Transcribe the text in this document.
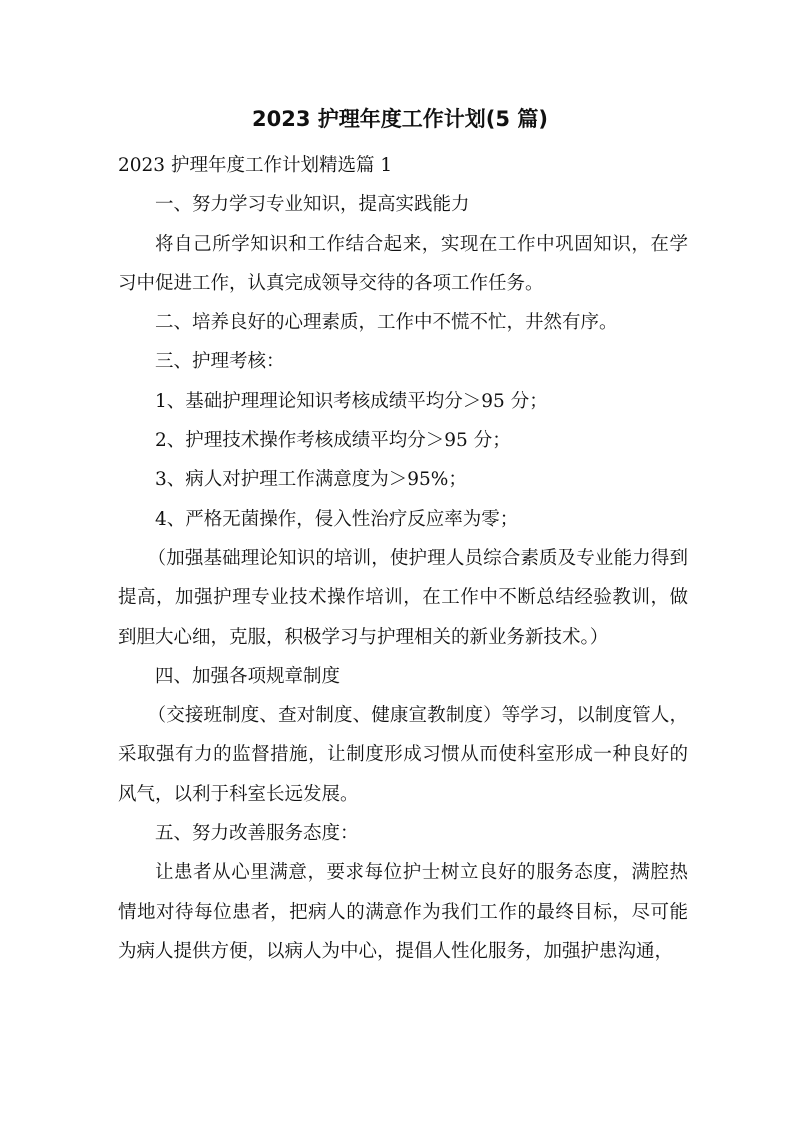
2023 护理年度工作计划(5 篇)

2023 护理年度工作计划精选篇 1

一、努力学习专业知识，提高实践能力

将自己所学知识和工作结合起来，实现在工作中巩固知识，在学习中促进工作，认真完成领导交待的各项工作任务。

二、培养良好的心理素质，工作中不慌不忙，井然有序。

三、护理考核：

1、基础护理理论知识考核成绩平均分＞95 分；

2、护理技术操作考核成绩平均分＞95 分；

3、病人对护理工作满意度为＞95%；

4、严格无菌操作，侵入性治疗反应率为零；

（加强基础理论知识的培训，使护理人员综合素质及专业能力得到提高，加强护理专业技术操作培训，在工作中不断总结经验教训，做到胆大心细，克服，积极学习与护理相关的新业务新技术。）

四、加强各项规章制度

（交接班制度、查对制度、健康宣教制度）等学习，以制度管人，采取强有力的监督措施，让制度形成习惯从而使科室形成一种良好的风气，以利于科室长远发展。

五、努力改善服务态度：

让患者从心里满意，要求每位护士树立良好的服务态度，满腔热情地对待每位患者，把病人的满意作为我们工作的最终目标，尽可能为病人提供方便，以病人为中心，提倡人性化服务，加强护患沟通，
